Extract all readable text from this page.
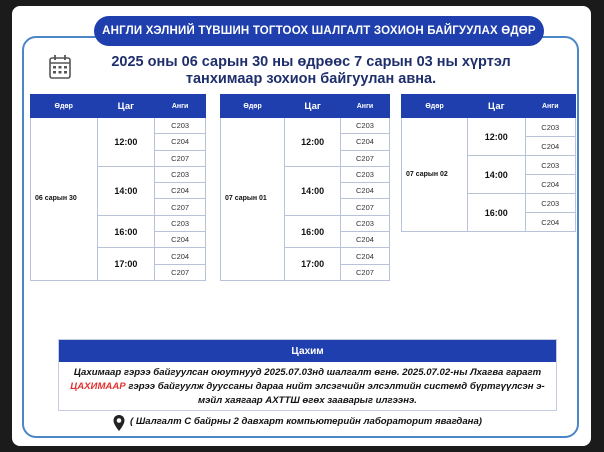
АНГЛИ ХЭЛНИЙ ТҮВШИН ТОГТООХ ШАЛГАЛТ ЗОХИОН БАЙГУУЛАХ ӨДӨР
2025 оны 06 сарын 30 ны өдрөөс 7 сарын 03 ны хүртэл танхимаар зохион байгуулан авна.
Өдөр	Цаг	Анги
06 сарын 30	12:00	С203
		С204
		С207
	14:00	С203
		С204
		С207
	16:00	С203
		С204
	17:00	С204
		С207
Өдөр	Цаг	Анги
07 сарын 01	12:00	С203
		С204
		С207
	14:00	С203
		С204
		С207
	16:00	С203
		С204
	17:00	С204
		С207
Өдөр	Цаг	Анги
07 сарын 02	12:00	С203
		С204
	14:00	С203
		С204
	16:00	С203
		С204
Цахим
Цахимаар гэрээ байгуулсан оюутнууд 2025.07.03нд шалгалт өгнө. 2025.07.02-ны Лхагва гарагт ЦАХИМААР гэрээ байгуулж дууссаны дараа нийт элсэгчийн элсэлтийн системд бүртгүүлсэн э-мэйл хаягаар АХТТШ өгөх зааварыг илгээнэ.
( Шалгалт С байрны 2 давхарт компьютерийн лабораторит явагдана)
